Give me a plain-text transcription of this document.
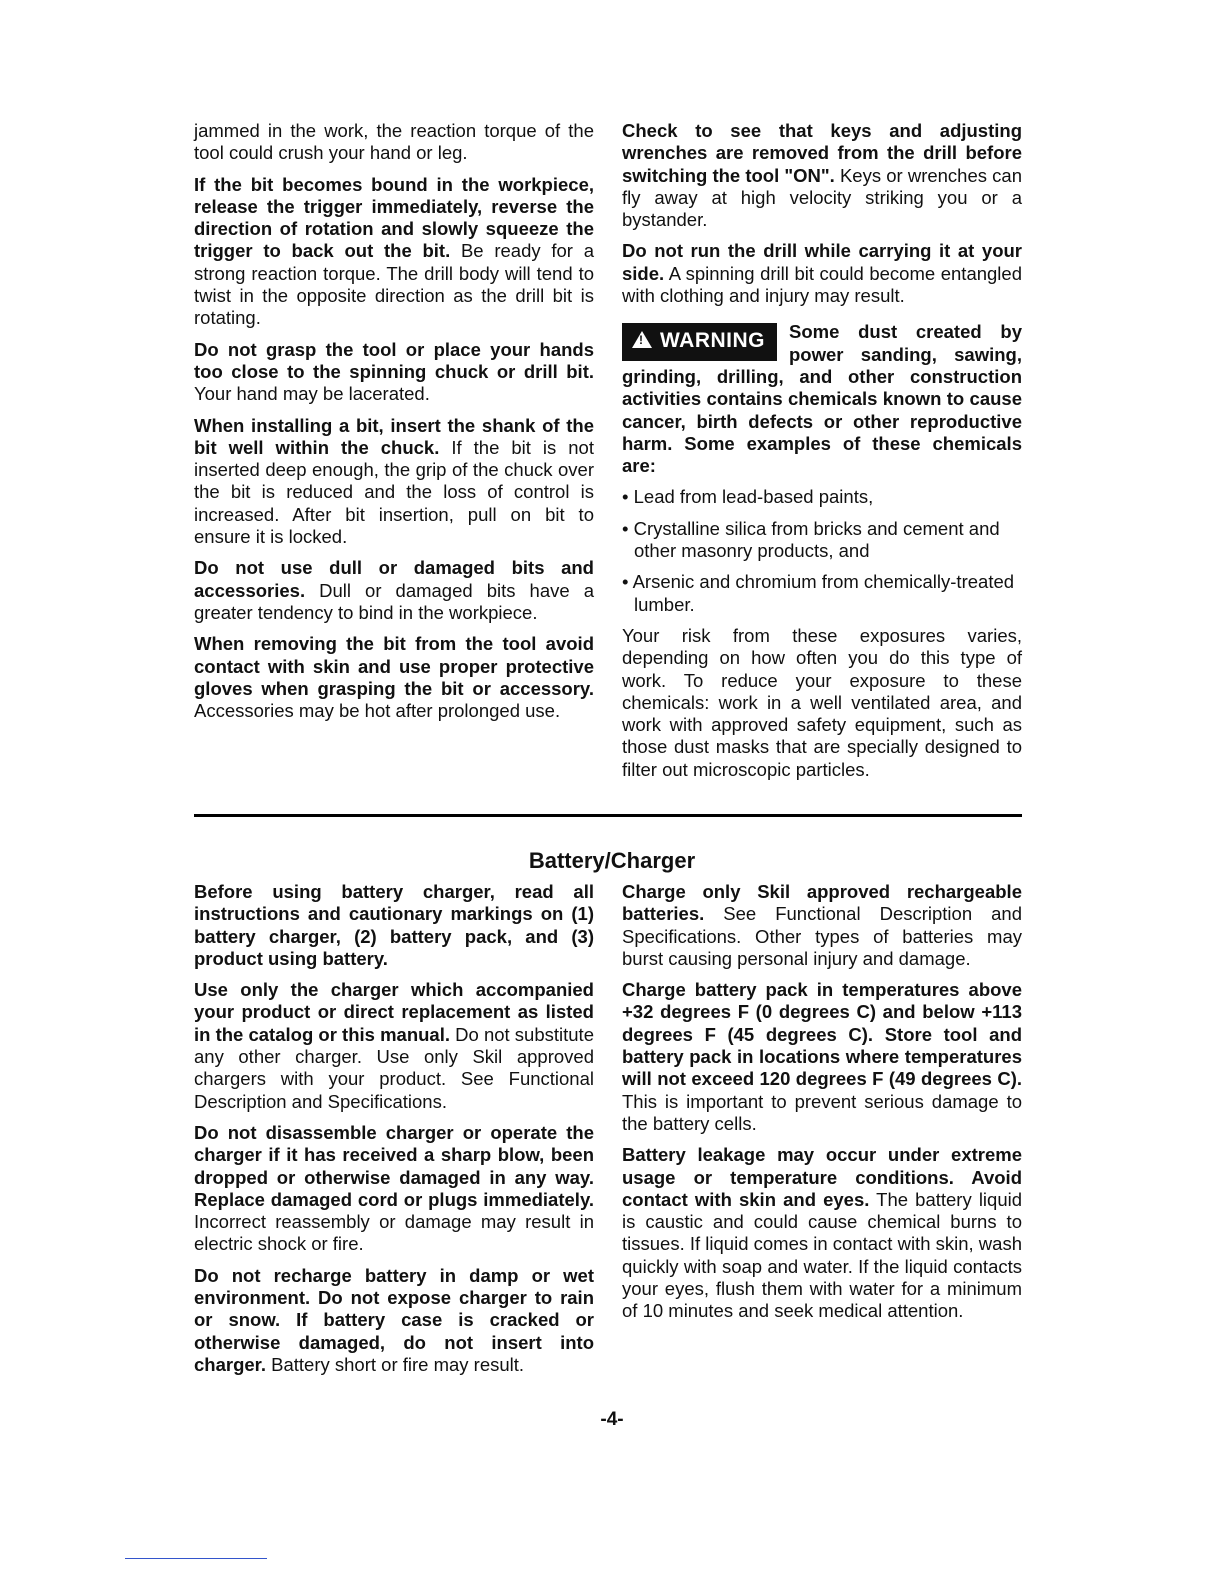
jammed in the work, the reaction torque of the tool could crush your hand or leg.

If the bit becomes bound in the workpiece, release the trigger immediately, reverse the direction of rotation and slowly squeeze the trigger to back out the bit. Be ready for a strong reaction torque. The drill body will tend to twist in the opposite direction as the drill bit is rotating.

Do not grasp the tool or place your hands too close to the spinning chuck or drill bit. Your hand may be lacerated.

When installing a bit, insert the shank of the bit well within the chuck. If the bit is not inserted deep enough, the grip of the chuck over the bit is reduced and the loss of control is increased. After bit insertion, pull on bit to ensure it is locked.

Do not use dull or damaged bits and accessories. Dull or damaged bits have a greater tendency to bind in the workpiece.

When removing the bit from the tool avoid contact with skin and use proper protective gloves when grasping the bit or accessory. Accessories may be hot after prolonged use.

Check to see that keys and adjusting wrenches are removed from the drill before switching the tool "ON". Keys or wrenches can fly away at high velocity striking you or a bystander.

Do not run the drill while carrying it at your side. A spinning drill bit could become entangled with clothing and injury may result.

!WARNING	Some dust created by power sanding, sawing, grinding, drilling, and other construction activities contains chemicals known to cause cancer, birth defects or other reproductive harm. Some examples of these chemicals are:

• Lead from lead-based paints,

• Crystalline silica from bricks and cement and other masonry products, and

• Arsenic and chromium from chemically-treated lumber.

Your risk from these exposures varies, depending on how often you do this type of work. To reduce your exposure to these chemicals: work in a well ventilated area, and work with approved safety equipment, such as those dust masks that are specially designed to filter out microscopic particles.

Battery/Charger

Before using battery charger, read all instructions and cautionary markings on (1) battery charger, (2) battery pack, and (3) product using battery.

Use only the charger which accompanied your product or direct replacement as listed in the catalog or this manual. Do not substitute any other charger. Use only Skil approved chargers with your product. See Functional Description and Specifications.

Do not disassemble charger or operate the charger if it has received a sharp blow, been dropped or otherwise damaged in any way. Replace damaged cord or plugs immediately. Incorrect reassembly or damage may result in electric shock or fire.

Do not recharge battery in damp or wet environment. Do not expose charger to rain or snow. If battery case is cracked or otherwise damaged, do not insert into charger. Battery short or fire may result.

Charge only Skil approved rechargeable batteries. See Functional Description and Specifications. Other types of batteries may burst causing personal injury and damage.

Charge battery pack in temperatures above +32 degrees F (0 degrees C) and below +113 degrees F (45 degrees C). Store tool and battery pack in locations where temperatures will not exceed 120 degrees F (49 degrees C). This is important to prevent serious damage to the battery cells.

Battery leakage may occur under extreme usage or temperature conditions. Avoid contact with skin and eyes. The battery liquid is caustic and could cause chemical burns to tissues. If liquid comes in contact with skin, wash quickly with soap and water. If the liquid contacts your eyes, flush them with water for a minimum of 10 minutes and seek medical attention.

-4-
